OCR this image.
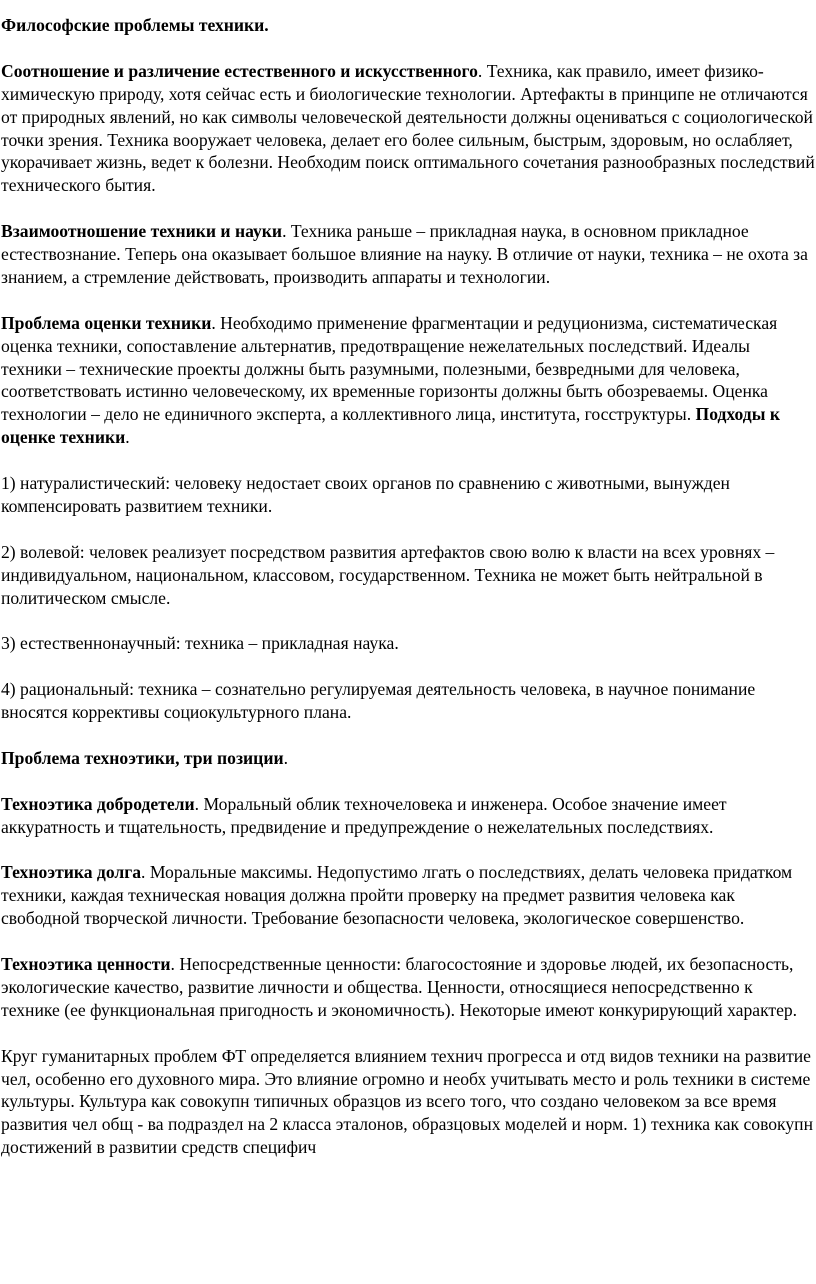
Философские проблемы техники.

Соотношение и различение естественного и искусственного. Техника, как правило, имеет физико-химическую природу, хотя сейчас есть и биологические технологии. Артефакты в принципе не отличаются от природных явлений, но как символы человеческой деятельности должны оцениваться с социологической точки зрения. Техника вооружает человека, делает его более сильным, быстрым, здоровым, но ослабляет, укорачивает жизнь, ведет к болезни. Необходим поиск оптимального сочетания разнообразных последствий технического бытия.

Взаимоотношение техники и науки. Техника раньше – прикладная наука, в основном прикладное естествознание. Теперь она оказывает большое влияние на науку. В отличие от науки, техника – не охота за знанием, а стремление действовать, производить аппараты и технологии.

Проблема оценки техники. Необходимо применение фрагментации и редуционизма, систематическая оценка техники, сопоставление альтернатив, предотвращение нежелательных последствий. Идеалы техники – технические проекты должны быть разумными, полезными, безвредными для человека, соответствовать истинно человеческому, их временные горизонты должны быть обозреваемы. Оценка технологии – дело не единичного эксперта, а коллективного лица, института, госструктуры. Подходы к оценке техники.

1) натуралистический: человеку недостает своих органов по сравнению с животными, вынужден компенсировать развитием техники.

2) волевой: человек реализует посредством развития артефактов свою волю к власти на всех уровнях – индивидуальном, национальном, классовом, государственном. Техника не может быть нейтральной в политическом смысле.

3) естественнонаучный: техника – прикладная наука.

4) рациональный: техника – сознательно регулируемая деятельность человека, в научное понимание вносятся коррективы социокультурного плана.

Проблема техноэтики, три позиции.

Техноэтика добродетели. Моральный облик техночеловека и инженера. Особое значение имеет аккуратность и тщательность, предвидение и предупреждение о нежелательных последствиях.

Техноэтика долга. Моральные максимы. Недопустимо лгать о последствиях, делать человека придатком техники, каждая техническая новация должна пройти проверку на предмет развития человека как свободной творческой личности. Требование безопасности человека, экологическое совершенство.

Техноэтика ценности. Непосредственные ценности: благосостояние и здоровье людей, их безопасность, экологические качество, развитие личности и общества. Ценности, относящиеся непосредственно к технике (ее функциональная пригодность и экономичность). Некоторые имеют конкурирующий характер.

Круг гуманитарных проблем ФТ определяется влиянием технич прогресса и отд видов техники на развитие чел, особенно его духовного мира. Это влияние огромно и необх учитывать место и роль техники в системе культуры. Культура как совокупн типичных образцов из всего того, что создано человеком за все время развития чел общ - ва подраздел на 2 класса эталонов, образцовых моделей и норм. 1) техника как совокупн достижений в развитии средств специфич
